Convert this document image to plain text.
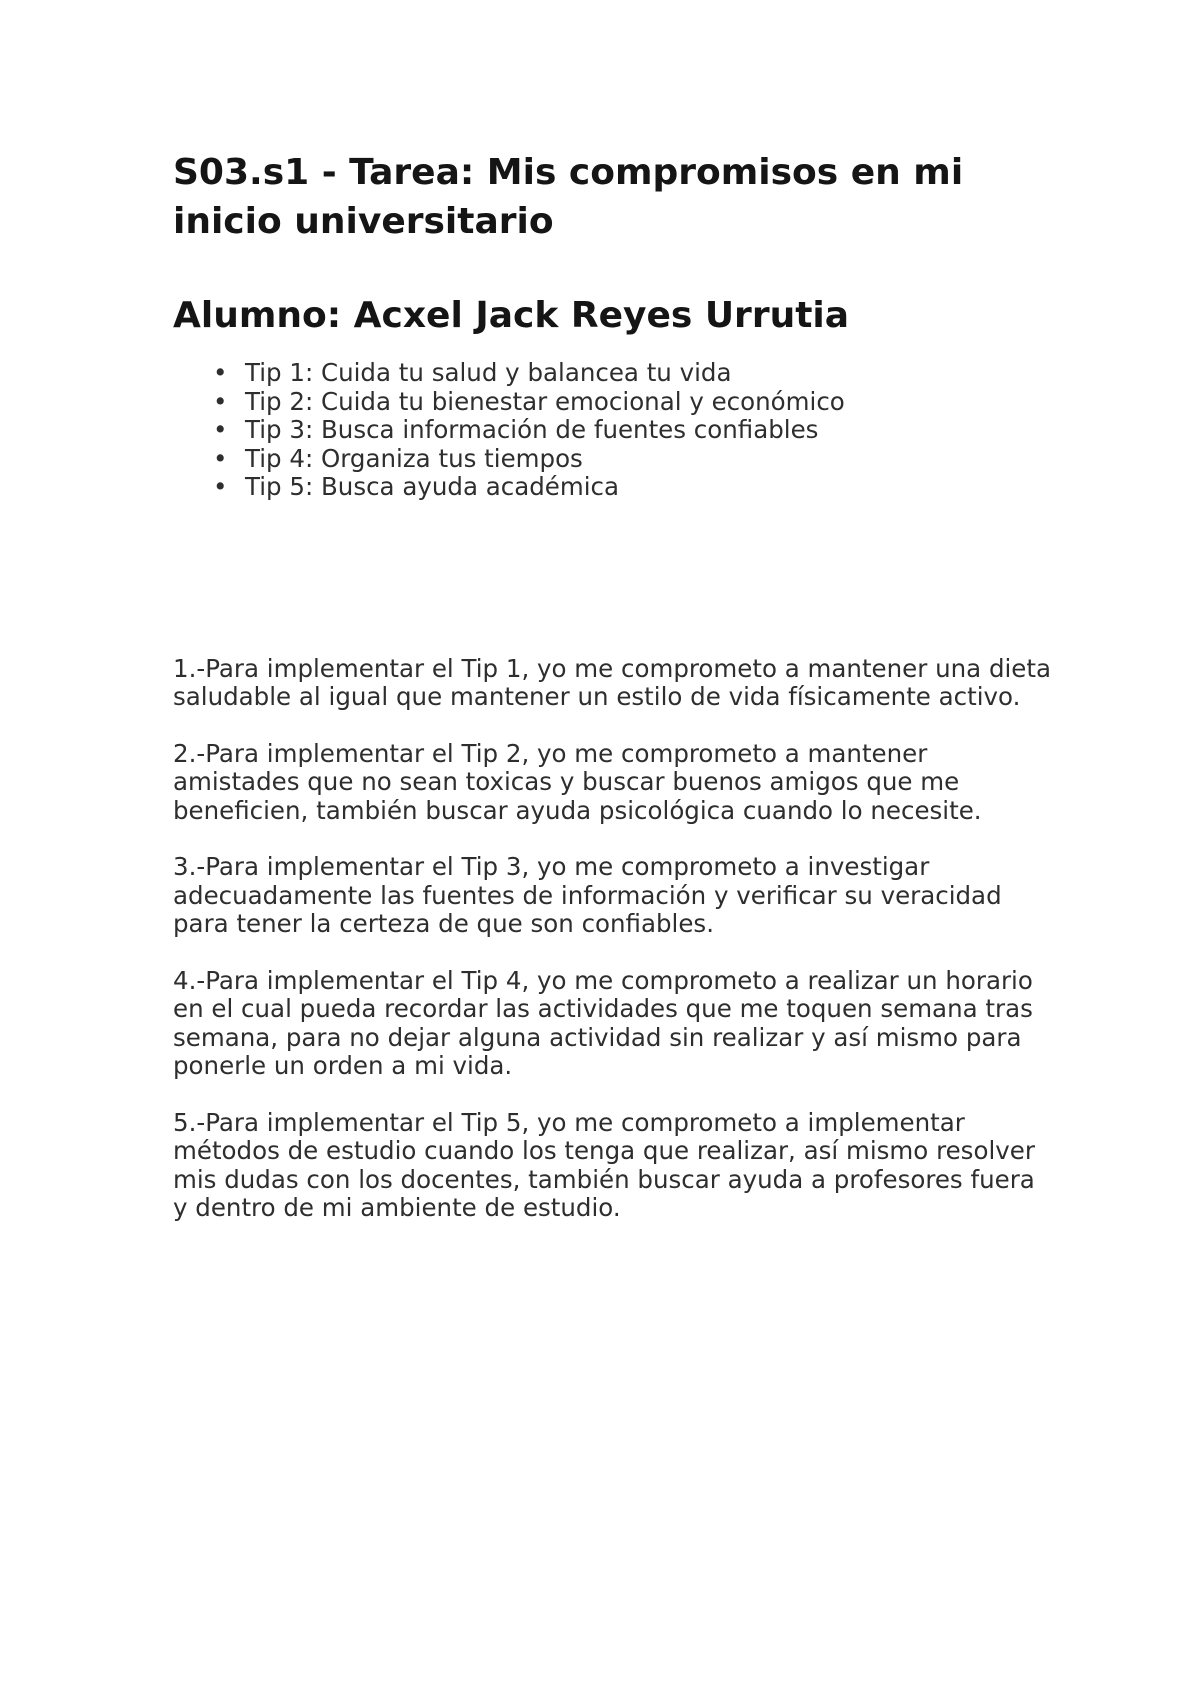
S03.s1 - Tarea: Mis compromisos en mi inicio universitario
Alumno: Acxel Jack Reyes Urrutia
• Tip 1: Cuida tu salud y balancea tu vida
• Tip 2: Cuida tu bienestar emocional y económico
• Tip 3: Busca información de fuentes confiables
• Tip 4: Organiza tus tiempos
• Tip 5: Busca ayuda académica

1.-Para implementar el Tip 1, yo me comprometo a mantener una dieta saludable al igual que mantener un estilo de vida físicamente activo.

2.-Para implementar el Tip 2, yo me comprometo a mantener amistades que no sean toxicas y buscar buenos amigos que me beneficien, también buscar ayuda psicológica cuando lo necesite.

3.-Para implementar el Tip 3, yo me comprometo a investigar adecuadamente las fuentes de información y verificar su veracidad para tener la certeza de que son confiables.

4.-Para implementar el Tip 4, yo me comprometo a realizar un horario en el cual pueda recordar las actividades que me toquen semana tras semana, para no dejar alguna actividad sin realizar y así mismo para ponerle un orden a mi vida.

5.-Para implementar el Tip 5, yo me comprometo a implementar métodos de estudio cuando los tenga que realizar, así mismo resolver mis dudas con los docentes, también buscar ayuda a profesores fuera y dentro de mi ambiente de estudio.
